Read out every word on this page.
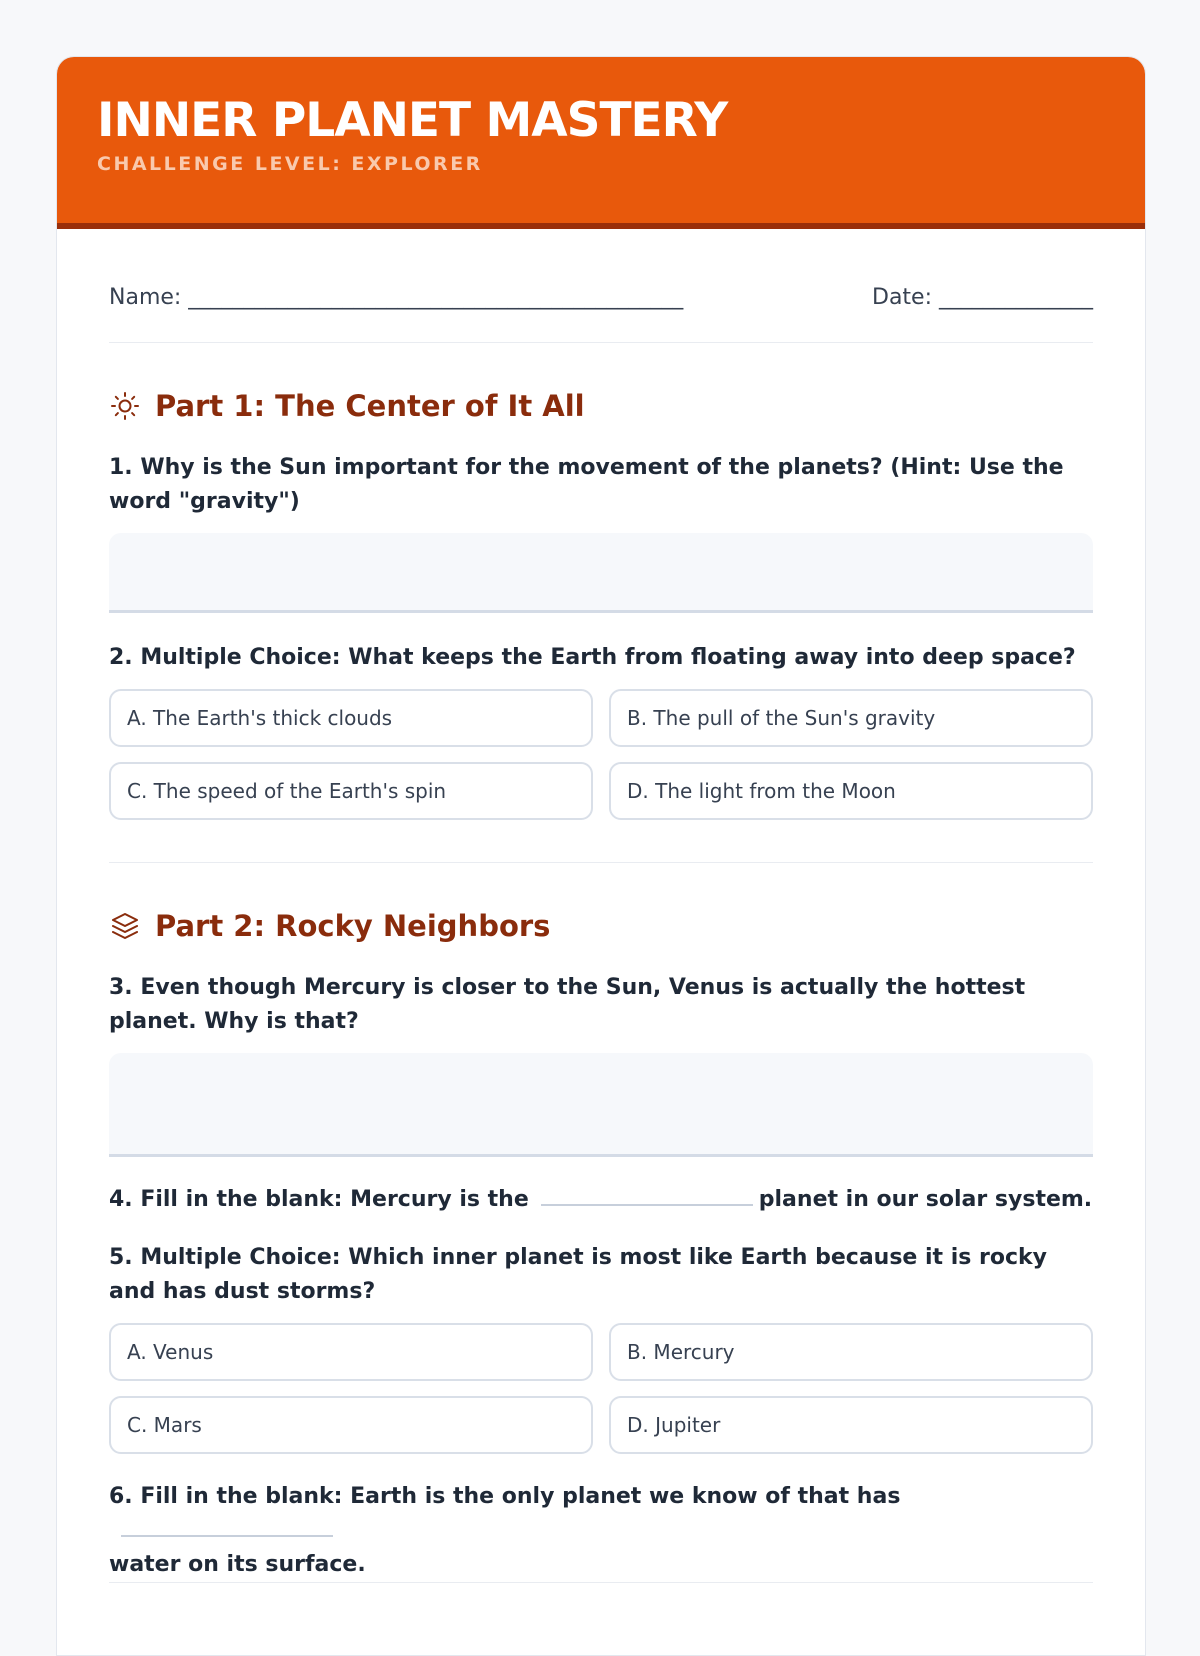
INNER PLANET MASTERY
CHALLENGE LEVEL: EXPLORER
Name: _____________________________________________	Date: ______________
Part 1: The Center of It All
1. Why is the Sun important for the movement of the planets? (Hint: Use the word "gravity")
2. Multiple Choice: What keeps the Earth from floating away into deep space?
A. The Earth's thick clouds	B. The pull of the Sun's gravity
C. The speed of the Earth's spin	D. The light from the Moon
Part 2: Rocky Neighbors
3. Even though Mercury is closer to the Sun, Venus is actually the hottest planet. Why is that?
4. Fill in the blank: Mercury is the	planet in our solar system.
5. Multiple Choice: Which inner planet is most like Earth because it is rocky and has dust storms?
A. Venus	B. Mercury
C. Mars	D. Jupiter
6. Fill in the blank: Earth is the only planet we know of that has
water on its surface.
